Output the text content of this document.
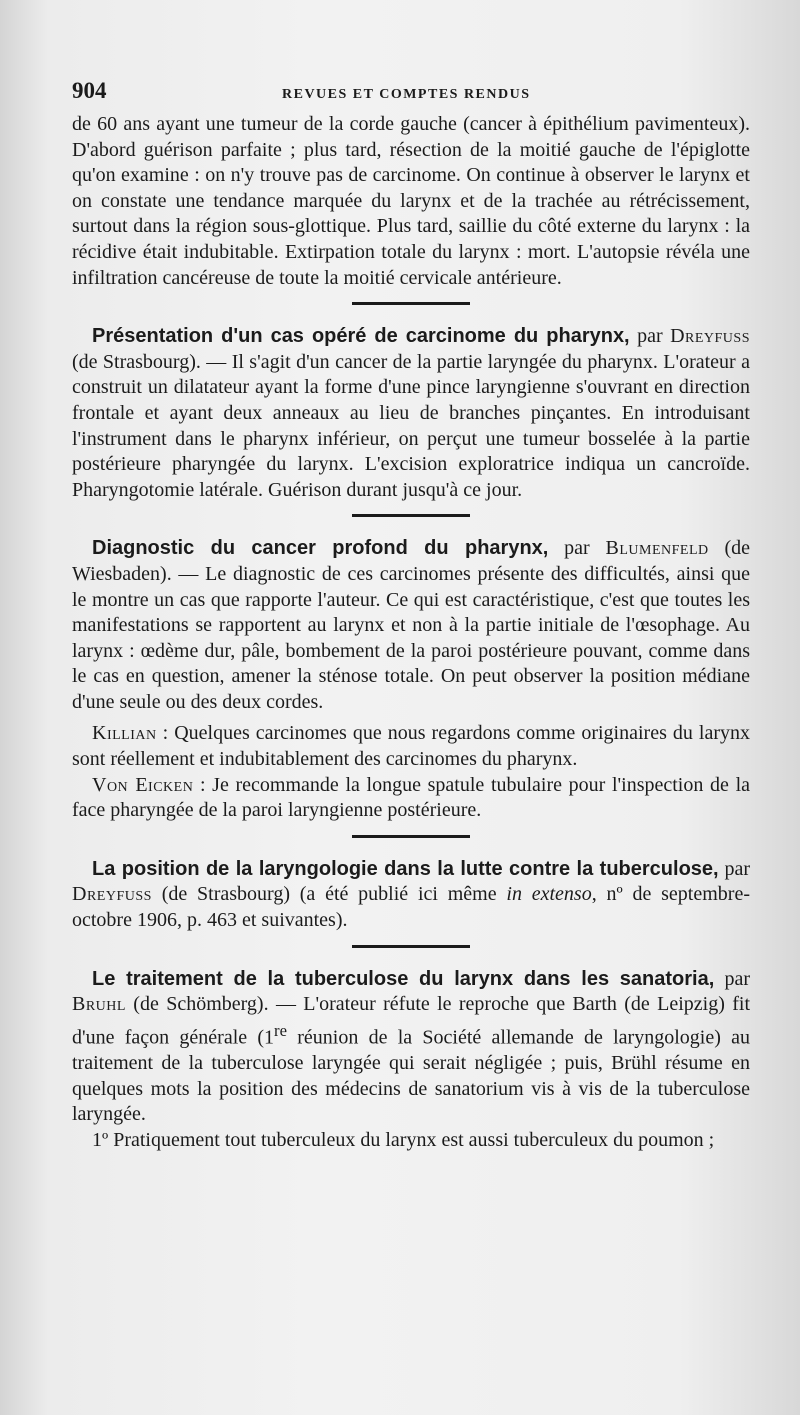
904	REVUES ET COMPTES RENDUS

de 60 ans ayant une tumeur de la corde gauche (cancer à épithélium pavimenteux). D'abord guérison parfaite ; plus tard, résection de la moitié gauche de l'épiglotte qu'on examine : on n'y trouve pas de carcinome. On continue à observer le larynx et on constate une tendance marquée du larynx et de la trachée au rétrécissement, surtout dans la région sous-glottique. Plus tard, saillie du côté externe du larynx : la récidive était indubitable. Extirpation totale du larynx : mort. L'autopsie révéla une infiltration cancéreuse de toute la moitié cervicale antérieure.

Présentation d'un cas opéré de carcinome du pharynx, par Dreyfuss (de Strasbourg). — Il s'agit d'un cancer de la partie laryngée du pharynx. L'orateur a construit un dilatateur ayant la forme d'une pince laryngienne s'ouvrant en direction frontale et ayant deux anneaux au lieu de branches pinçantes. En introduisant l'instrument dans le pharynx inférieur, on perçut une tumeur bosselée à la partie postérieure pharyngée du larynx. L'excision exploratrice indiqua un cancroïde. Pharyngotomie latérale. Guérison durant jusqu'à ce jour.

Diagnostic du cancer profond du pharynx, par Blumenfeld (de Wiesbaden). — Le diagnostic de ces carcinomes présente des difficultés, ainsi que le montre un cas que rapporte l'auteur. Ce qui est caractéristique, c'est que toutes les manifestations se rapportent au larynx et non à la partie initiale de l'œsophage. Au larynx : œdème dur, pâle, bombement de la paroi postérieure pouvant, comme dans le cas en question, amener la sténose totale. On peut observer la position médiane d'une seule ou des deux cordes.

Killian : Quelques carcinomes que nous regardons comme originaires du larynx sont réellement et indubitablement des carcinomes du pharynx.

Von Eicken : Je recommande la longue spatule tubulaire pour l'inspection de la face pharyngée de la paroi laryngienne postérieure.

La position de la laryngologie dans la lutte contre la tuberculose, par Dreyfuss (de Strasbourg) (a été publié ici même in extenso, nº de septembre-octobre 1906, p. 463 et suivantes).

Le traitement de la tuberculose du larynx dans les sanatoria, par Bruhl (de Schömberg). — L'orateur réfute le reproche que Barth (de Leipzig) fit d'une façon générale (1re réunion de la Société allemande de laryngologie) au traitement de la tuberculose laryngée qui serait négligée ; puis, Brühl résume en quelques mots la position des médecins de sanatorium vis à vis de la tuberculose laryngée.

1º Pratiquement tout tuberculeux du larynx est aussi tuberculeux du poumon ;
